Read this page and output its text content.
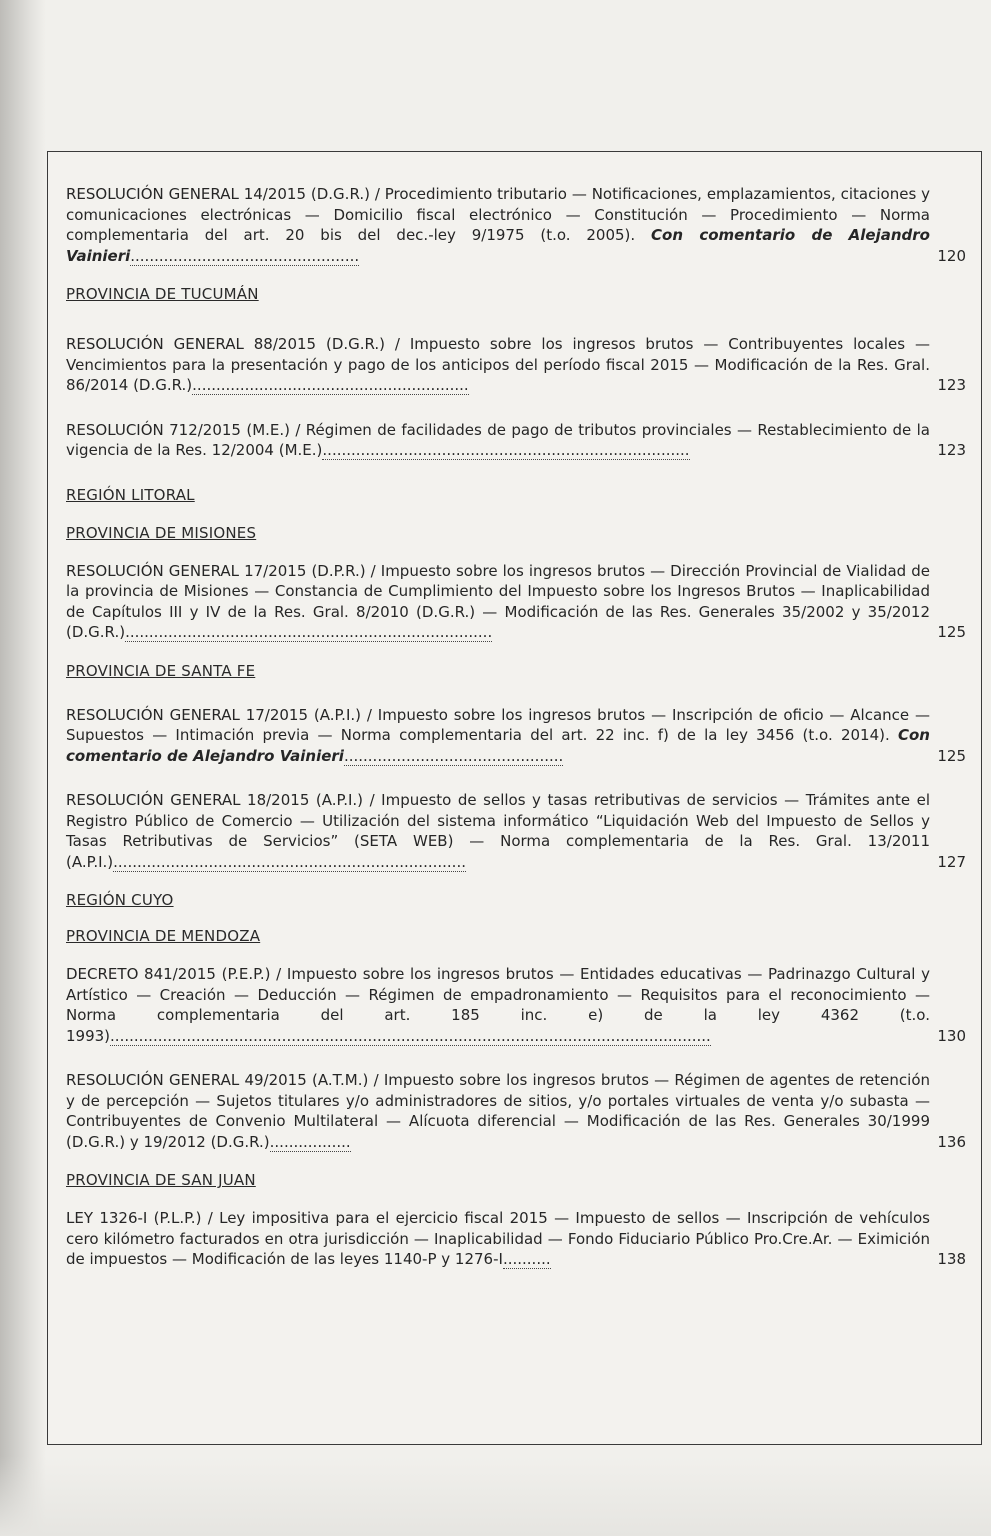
RESOLUCIÓN GENERAL 14/2015 (D.G.R.) / Procedimiento tributario — Notificaciones, emplazamientos, citaciones y comunicaciones electrónicas — Domicilio fiscal electrónico — Constitución — Procedimiento — Norma complementaria del art. 20 bis del dec.-ley 9/1975 (t.o. 2005). Con comentario de Alejandro Vainieri................................................	120

PROVINCIA DE TUCUMÁN

RESOLUCIÓN GENERAL 88/2015 (D.G.R.) / Impuesto sobre los ingresos brutos — Contribuyentes locales — Vencimientos para la presentación y pago de los anticipos del período fiscal 2015 — Modificación de la Res. Gral. 86/2014 (D.G.R.)..........................................................	123

RESOLUCIÓN 712/2015 (M.E.) / Régimen de facilidades de pago de tributos provinciales — Restablecimiento de la vigencia de la Res. 12/2004 (M.E.).............................................................................	123

REGIÓN LITORAL

PROVINCIA DE MISIONES

RESOLUCIÓN GENERAL 17/2015 (D.P.R.) / Impuesto sobre los ingresos brutos — Dirección Provincial de Vialidad de la provincia de Misiones — Constancia de Cumplimiento del Impuesto sobre los Ingresos Brutos — Inaplicabilidad de Capítulos III y IV de la Res. Gral. 8/2010 (D.G.R.) — Modificación de las Res. Generales 35/2002 y 35/2012 (D.G.R.).............................................................................	125

PROVINCIA DE SANTA FE

RESOLUCIÓN GENERAL 17/2015 (A.P.I.) / Impuesto sobre los ingresos brutos — Inscripción de oficio — Alcance — Supuestos — Intimación previa — Norma complementaria del art. 22 inc. f) de la ley 3456 (t.o. 2014). Con comentario de Alejandro Vainieri..............................................	125

RESOLUCIÓN GENERAL 18/2015 (A.P.I.) / Impuesto de sellos y tasas retributivas de servicios — Trámites ante el Registro Público de Comercio — Utilización del sistema informático “Liquidación Web del Impuesto de Sellos y Tasas Retributivas de Servicios” (SETA WEB) — Norma complementaria de la Res. Gral. 13/2011 (A.P.I.)..........................................................................	127

REGIÓN CUYO

PROVINCIA DE MENDOZA

DECRETO 841/2015 (P.E.P.) / Impuesto sobre los ingresos brutos — Entidades educativas — Padrinazgo Cultural y Artístico — Creación — Deducción — Régimen de empadronamiento — Requisitos para el reconocimiento — Norma complementaria del art. 185 inc. e) de la ley 4362 (t.o. 1993)..............................................................................................................................	130

RESOLUCIÓN GENERAL 49/2015 (A.T.M.) / Impuesto sobre los ingresos brutos — Régimen de agentes de retención y de percepción — Sujetos titulares y/o administradores de sitios, y/o portales virtuales de venta y/o subasta — Contribuyentes de Convenio Multilateral — Alícuota diferencial — Modificación de las Res. Generales 30/1999 (D.G.R.) y 19/2012 (D.G.R.).................	136

PROVINCIA DE SAN JUAN

LEY 1326-I (P.L.P.) / Ley impositiva para el ejercicio fiscal 2015 — Impuesto de sellos — Inscripción de vehículos cero kilómetro facturados en otra jurisdicción — Inaplicabilidad — Fondo Fiduciario Público Pro.Cre.Ar. — Eximición de impuestos — Modificación de las leyes 1140-P y 1276-I..........	138
